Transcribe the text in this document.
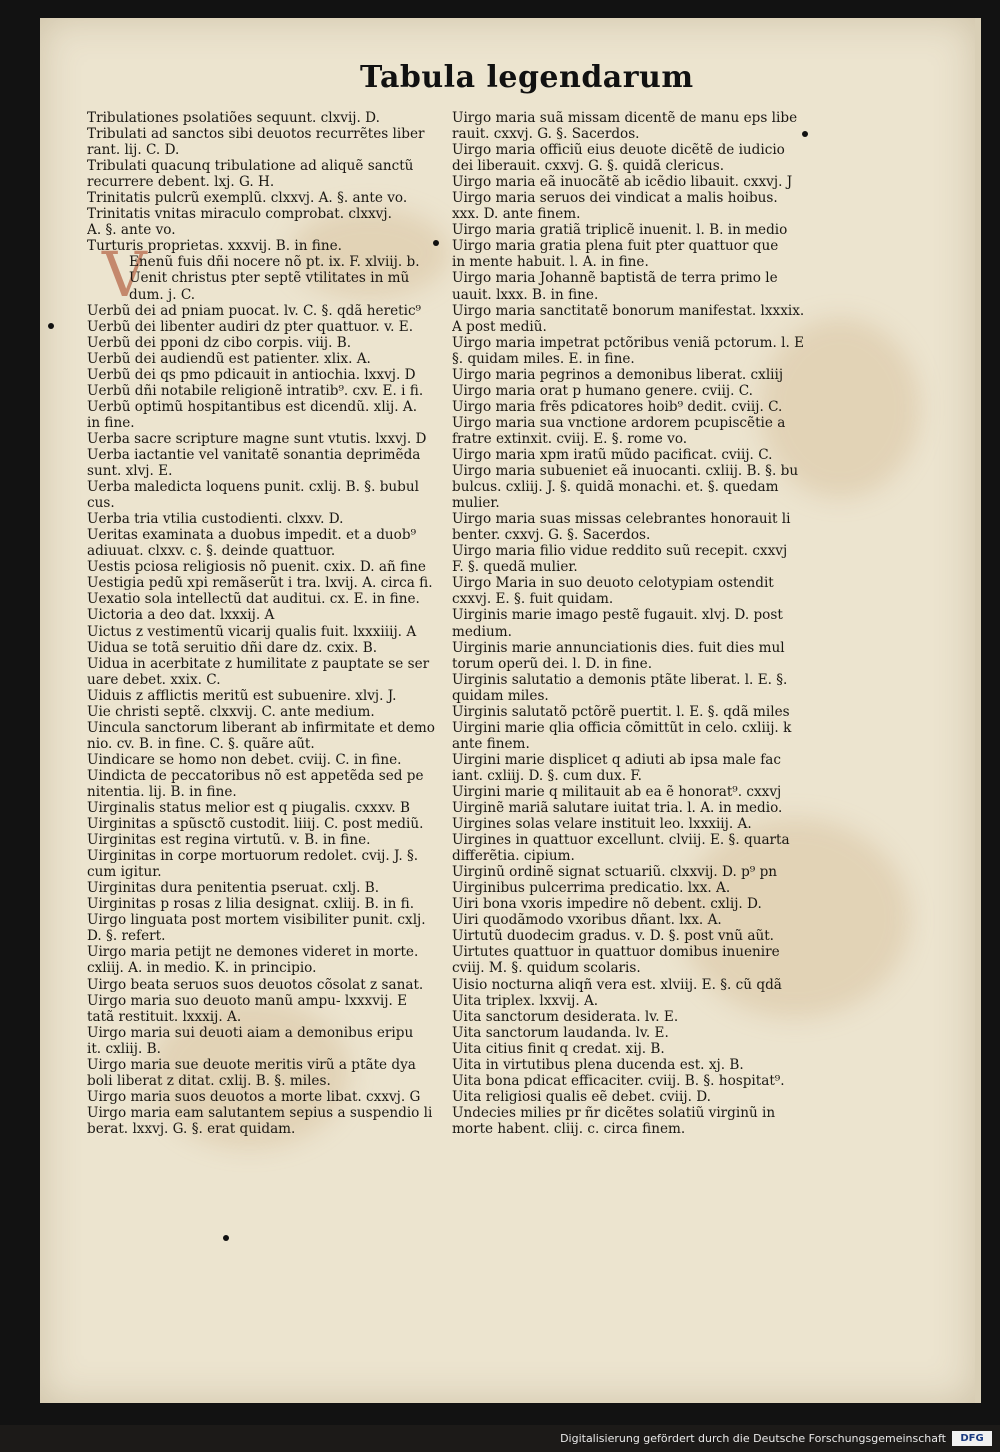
Tabula legendarum
V
Tribulationes psolatiões sequunt. clxvij. D.
Tribulati ad sanctos sibi deuotos recurrẽtes liber
rant. lij. C. D.
Tribulati quacunq tribulatione ad aliquẽ sanctũ
recurrere debent. lxj. G. H.
Trinitatis pulcrũ exemplũ. clxxvj. A. §. ante vo.
Trinitatis vnitas miraculo comprobat. clxxvj.
A. §. ante vo.
Turturis proprietas. xxxvij. B. in fine.
Enenũ fuis dñi nocere nõ pt. ix. F. xlviij. b.
Uenit christus pter septẽ vtilitates in mũ
dum. j. C.
Uerbũ dei ad pniam puocat. lv. C. §. qdã heretic⁹
Uerbũ dei libenter audiri dz pter quattuor. v. E.
Uerbũ dei pponi dz cibo corpis. viij. B.
Uerbũ dei audiendũ est patienter. xlix. A.
Uerbũ dei qs pmo pdicauit in antiochia. lxxvj. D
Uerbũ dñi notabile religionẽ intratib⁹. cxv. E. i fi.
Uerbũ optimũ hospitantibus est dicendũ. xlij. A.
in fine.
Uerba sacre scripture magne sunt vtutis. lxxvj. D
Uerba iactantie vel vanitatẽ sonantia deprimẽda
sunt. xlvj. E.
Uerba maledicta loquens punit. cxlij. B. §. bubul
cus.
Uerba tria vtilia custodienti. clxxv. D.
Ueritas examinata a duobus impedit. et a duob⁹
adiuuat. clxxv. c. §. deinde quattuor.
Uestis pciosa religiosis nõ puenit. cxix. D. añ fine
Uestigia pedũ xpi remãserũt i tra. lxvij. A. circa fi.
Uexatio sola intellectũ dat auditui. cx. E. in fine.
Uictoria a deo dat. lxxxij. A
Uictus z vestimentũ vicarij qualis fuit. lxxxiiij. A
Uidua se totã seruitio dñi dare dz. cxix. B.
Uidua in acerbitate z humilitate z pauptate se ser
uare debet. xxix. C.
Uiduis z afflictis meritũ est subuenire. xlvj. J.
Uie christi septẽ. clxxvij. C. ante medium.
Uincula sanctorum liberant ab infirmitate et demo
nio. cv. B. in fine. C. §. quãre aũt.
Uindicare se homo non debet. cviij. C. in fine.
Uindicta de peccatoribus nõ est appetẽda sed pe
nitentia. lij. B. in fine.
Uirginalis status melior est q piugalis. cxxxv. B
Uirginitas a spũsctõ custodit. liiij. C. post mediũ.
Uirginitas est regina virtutũ. v. B. in fine.
Uirginitas in corpe mortuorum redolet. cvij. J. §.
cum igitur.
Uirginitas dura penitentia pseruat. cxlj. B.
Uirginitas p rosas z lilia designat. cxliij. B. in fi.
Uirgo linguata post mortem visibiliter punit. cxlj.
D. §. refert.
Uirgo maria petijt ne demones videret in morte.
cxliij. A. in medio. K. in principio.
Uirgo beata seruos suos deuotos cõsolat z sanat.
Uirgo maria suo deuoto manũ ampu- lxxxvij. E
tatã restituit. lxxxij. A.
Uirgo maria sui deuoti aiam a demonibus eripu
it. cxliij. B.
Uirgo maria sue deuote meritis virũ a ptãte dya
boli liberat z ditat. cxlij. B. §. miles.
Uirgo maria suos deuotos a morte libat. cxxvj. G
Uirgo maria eam salutantem sepius a suspendio li
berat. lxxvj. G. §. erat quidam.
Uirgo maria suã missam dicentẽ de manu eps libe
rauit. cxxvj. G. §. Sacerdos.
Uirgo maria officiũ eius deuote dicẽtẽ de iudicio
dei liberauit. cxxvj. G. §. quidã clericus.
Uirgo maria eã inuocãtẽ ab icẽdio libauit. cxxvj. J
Uirgo maria seruos dei vindicat a malis hoibus.
xxx. D. ante finem.
Uirgo maria gratiã triplicẽ inuenit. l. B. in medio
Uirgo maria gratia plena fuit pter quattuor que
in mente habuit. l. A. in fine.
Uirgo maria Johannẽ baptistã de terra primo le
uauit. lxxx. B. in fine.
Uirgo maria sanctitatẽ bonorum manifestat. lxxxix.
A post mediũ.
Uirgo maria impetrat pctõribus veniã pctorum. l. E
§. quidam miles. E. in fine.
Uirgo maria pegrinos a demonibus liberat. cxliij
Uirgo maria orat p humano genere. cviij. C.
Uirgo maria frẽs pdicatores hoib⁹ dedit. cviij. C.
Uirgo maria sua vnctione ardorem pcupiscẽtie a
fratre extinxit. cviij. E. §. rome vo.
Uirgo maria xpm iratũ mũdo pacificat. cviij. C.
Uirgo maria subueniet eã inuocanti. cxliij. B. §. bu
bulcus. cxliij. J. §. quidã monachi. et. §. quedam
mulier.
Uirgo maria suas missas celebrantes honorauit li
benter. cxxvj. G. §. Sacerdos.
Uirgo maria filio vidue reddito suũ recepit. cxxvj
F. §. quedã mulier.
Uirgo Maria in suo deuoto celotypiam ostendit
cxxvj. E. §. fuit quidam.
Uirginis marie imago pestẽ fugauit. xlvj. D. post
medium.
Uirginis marie annunciationis dies. fuit dies mul
torum operũ dei. l. D. in fine.
Uirginis salutatio a demonis ptãte liberat. l. E. §.
quidam miles.
Uirginis salutatõ pctõrẽ puertit. l. E. §. qdã miles
Uirgini marie qlia officia cõmittũt in celo. cxliij. k
ante finem.
Uirgini marie displicet q adiuti ab ipsa male fac
iant. cxliij. D. §. cum dux. F.
Uirgini marie q militauit ab ea ẽ honorat⁹. cxxvj
Uirginẽ mariã salutare iuitat tria. l. A. in medio.
Uirgines solas velare instituit leo. lxxxiij. A.
Uirgines in quattuor excellunt. clviij. E. §. quarta
differẽtia. cipium.
Uirginũ ordinẽ signat sctuariũ. clxxvij. D. p⁹ pn
Uirginibus pulcerrima predicatio. lxx. A.
Uiri bona vxoris impedire nõ debent. cxlij. D.
Uiri quodãmodo vxoribus dñant. lxx. A.
Uirtutũ duodecim gradus. v. D. §. post vnũ aũt.
Uirtutes quattuor in quattuor domibus inuenire
cviij. M. §. quidum scolaris.
Uisio nocturna aliqñ vera est. xlviij. E. §. cũ qdã
Uita triplex. lxxvij. A.
Uita sanctorum desiderata. lv. E.
Uita sanctorum laudanda. lv. E.
Uita citius finit q credat. xij. B.
Uita in virtutibus plena ducenda est. xj. B.
Uita bona pdicat efficaciter. cviij. B. §. hospitat⁹.
Uita religiosi qualis eẽ debet. cviij. D.
Undecies milies pr ñr dicẽtes solatiũ virginũ in
morte habent. cliij. c. circa finem.
Digitalisierung gefördert durch die Deutsche Forschungsgemeinschaft	DFG
